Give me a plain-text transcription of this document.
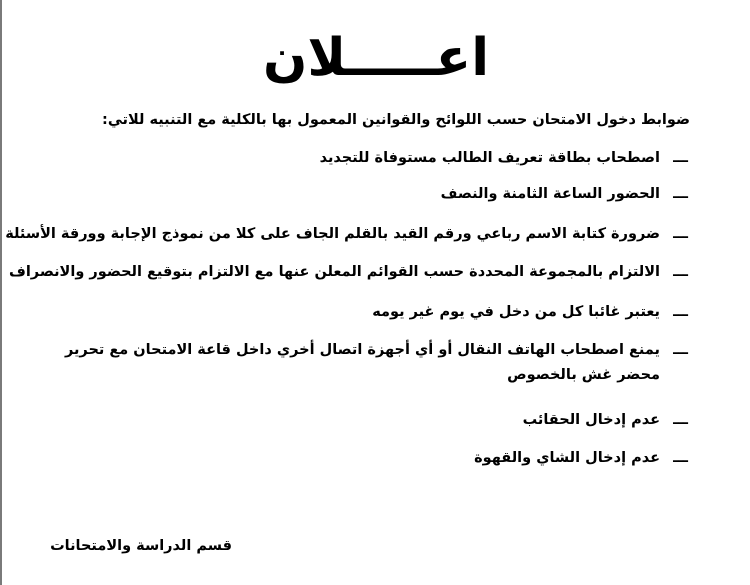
اعـــــلان

ضوابط دخول الامتحان حسب اللوائح والقوانين المعمول بها بالكلية مع التنبيه للاتي:

ـــ
اصطحاب بطاقة تعريف الطالب مستوفاة للتجديد
ـــ
الحضور الساعة الثامنة والنصف
ـــ
ضرورة كتابة الاسم رباعي ورقم القيد بالقلم الجاف على كلا من نموذج الإجابة وورقة الأسئلة
ـــ
الالتزام بالمجموعة المحددة حسب القوائم المعلن عنها مع الالتزام بتوقيع الحضور والانصراف
ـــ
يعتبر غائبا كل من دخل في يوم غير يومه
ـــ
يمنع اصطحاب الهاتف النقال أو أي أجهزة اتصال أخري داخل قاعة الامتحان مع تحرير محضر غش بالخصوص
ـــ
عدم إدخال الحقائب
ـــ
عدم إدخال الشاي والقهوة

قسم الدراسة والامتحانات
